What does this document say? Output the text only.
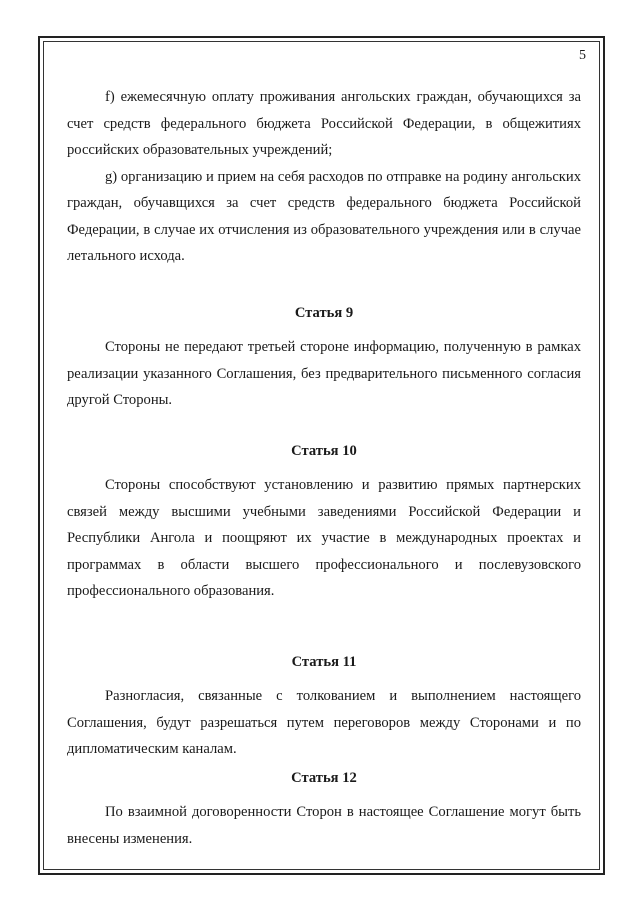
5

f) ежемесячную оплату проживания ангольских граждан, обучающихся за счет средств федерального бюджета Российской Федерации, в общежитиях российских образовательных учреждений;

g) организацию и прием на себя расходов по отправке на родину ангольских граждан, обучавщихся за счет средств федерального бюджета Российской Федерации, в случае их отчисления из образовательного учреждения или в случае летального исхода.

Статья 9

Стороны не передают третьей стороне информацию, полученную в рамках реализации указанного Соглашения, без предварительного письменного согласия другой Стороны.

Статья 10

Стороны способствуют установлению и развитию прямых партнерских связей между высшими учебными заведениями Российской Федерации и Республики Ангола и поощряют их участие в международных проектах и программах в области высшего профессионального и послевузовского профессионального образования.

Статья 11

Разногласия, связанные с толкованием и выполнением настоящего Соглашения, будут разрешаться путем переговоров между Сторонами и по дипломатическим каналам.

Статья 12

По взаимной договоренности Сторон в настоящее Соглашение могут быть внесены изменения.
